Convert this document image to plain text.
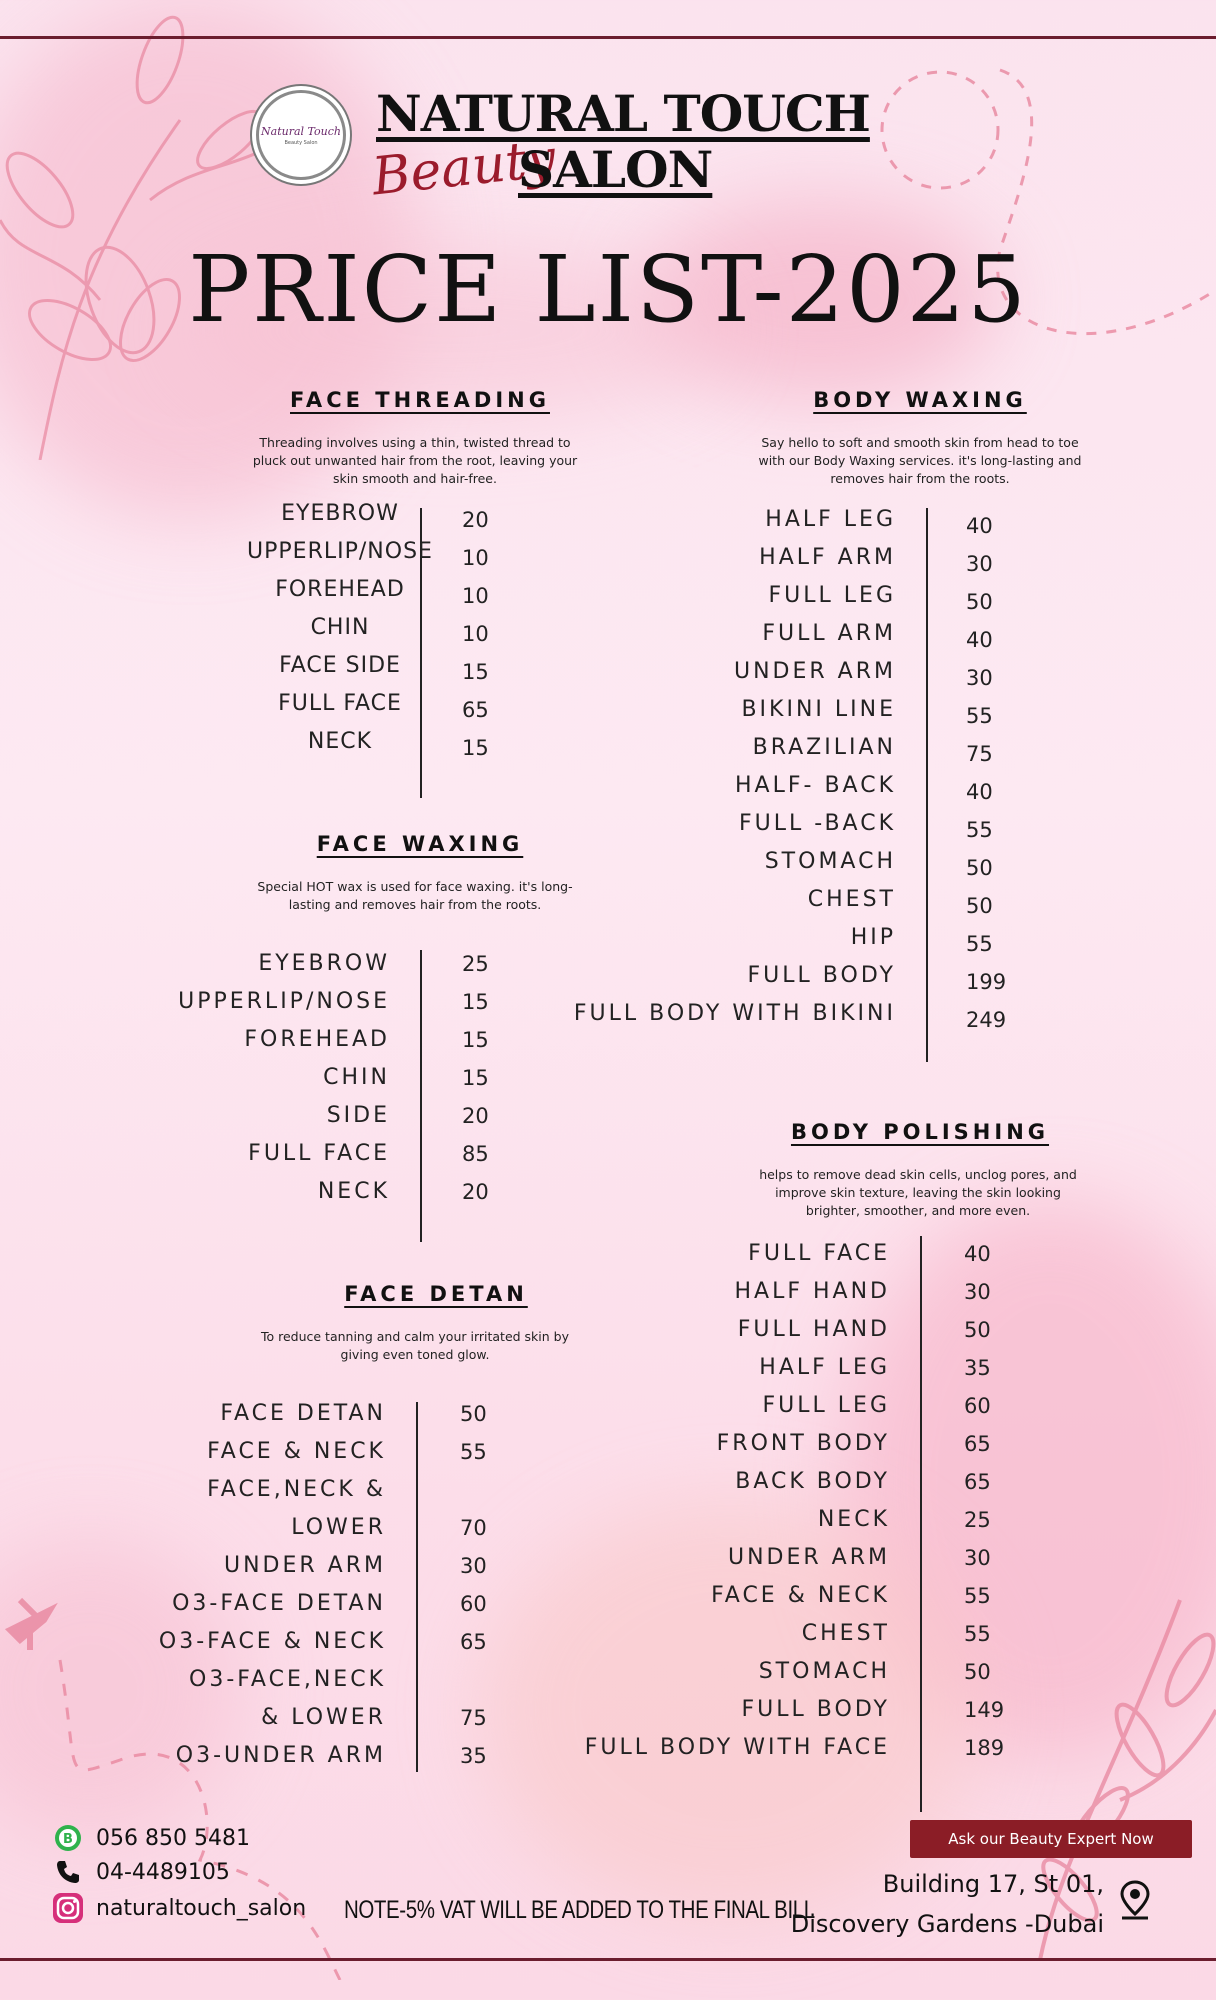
Natural Touch
Beauty Salon NATURAL TOUCH
Beauty
SALON
PRICE LIST-2025
FACE THREADING
Threading involves using a thin, twisted thread to pluck out unwanted hair from the root, leaving your skin smooth and hair-free.
EYEBROW	20
UPPERLIP/NOSE	10
FOREHEAD	10
CHIN	10
FACE SIDE	15
FULL FACE	65
NECK	15
FACE WAXING
Special HOT wax is used for face waxing. it's long-lasting and removes hair from the roots.
EYEBROW	25
UPPERLIP/NOSE	15
FOREHEAD	15
CHIN	15
SIDE	20
FULL FACE	85
NECK	20
FACE DETAN
To reduce tanning and calm your irritated skin by giving even toned glow.
FACE DETAN	50
FACE & NECK	55
FACE,NECK &
LOWER	70
UNDER ARM	30
O3-FACE DETAN	60
O3-FACE & NECK	65
O3-FACE,NECK
& LOWER	75
O3-UNDER ARM	35
BODY WAXING
Say hello to soft and smooth skin from head to toe with our Body Waxing services. it's long-lasting and removes hair from the roots.
HALF LEG	40
HALF ARM	30
FULL LEG	50
FULL ARM	40
UNDER ARM	30
BIKINI LINE	55
BRAZILIAN	75
HALF- BACK	40
FULL -BACK	55
STOMACH	50
CHEST	50
HIP	55
FULL BODY	199
FULL BODY WITH BIKINI	249
BODY POLISHING
helps to remove dead skin cells, unclog pores, and improve skin texture, leaving the skin looking brighter, smoother, and more even.
FULL FACE	40
HALF HAND	30
FULL HAND	50
HALF LEG	35
FULL LEG	60
FRONT BODY	65
BACK BODY	65
NECK	25
UNDER ARM	30
FACE & NECK	55
CHEST	55
STOMACH	50
FULL BODY	149
FULL BODY WITH FACE	189
B 056 850 5481
04-4489105
naturaltouch_salon NOTE-5% VAT WILL BE ADDED TO THE FINAL BILL
Ask our Beauty Expert Now
Building 17, St 01,
Discovery Gardens -Dubai
